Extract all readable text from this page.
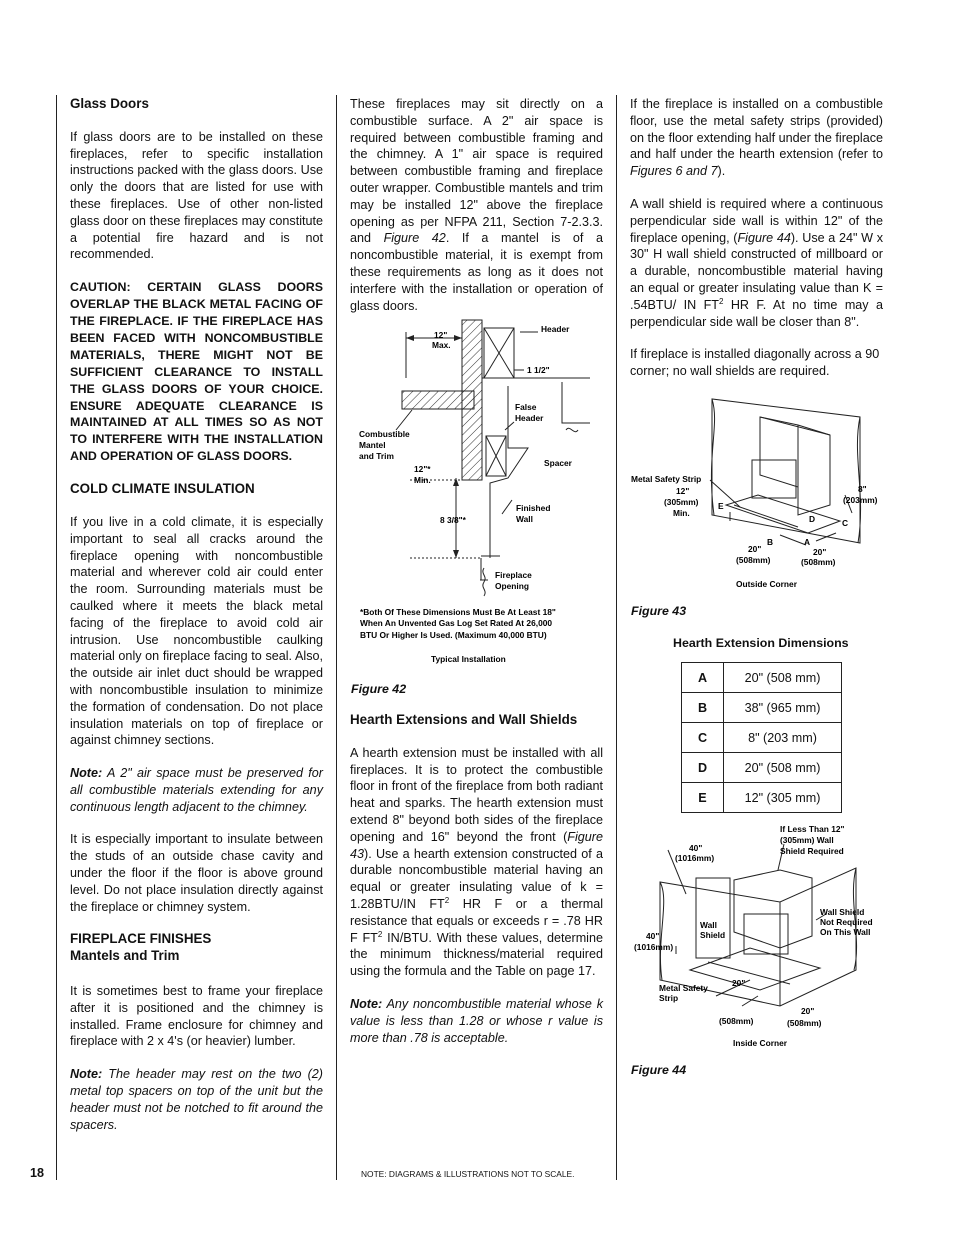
Glass Doors

If glass doors are to be installed on these fireplaces, refer to specific installation instructions packed with the glass doors. Use only the doors that are listed for use with these fireplaces. Use of other non-listed glass door on these fireplaces may constitute a potential fire hazard and is not recommended.

CAUTION: CERTAIN GLASS DOORS OVERLAP THE BLACK METAL FACING OF THE FIREPLACE. IF THE FIREPLACE HAS BEEN FACED WITH NONCOMBUSTIBLE MATERIALS, THERE MIGHT NOT BE SUFFICIENT CLEARANCE TO INSTALL THE GLASS DOORS OF YOUR CHOICE. ENSURE ADEQUATE CLEARANCE IS MAINTAINED AT ALL TIMES SO AS NOT TO INTERFERE WITH THE INSTALLATION AND OPERATION OF GLASS DOORS.
COLD CLIMATE INSULATION

If you live in a cold climate, it is especially important to seal all cracks around the fireplace opening with noncombustible material and wherever cold air could enter the room. Surrounding materials must be caulked where it meets the black metal facing of the fireplace to avoid cold air intrusion. Use noncombustible caulking material only on fireplace facing to seal. Also, the outside air inlet duct should be wrapped with noncombustible insulation to minimize the formation of condensation. Do not place insulation materials on top of fireplace or against chimney sections.

Note: A 2" air space must be preserved for all combustible materials extending for any continuous length adjacent to the chimney.

It is especially important to insulate between the studs of an outside chase cavity and under the floor if the floor is above ground level. Do not place insulation directly against the fireplace or chimney system.

FIREPLACE FINISHES
Mantels and Trim

It is sometimes best to frame your fireplace after it is positioned and the chimney is installed. Frame enclosure for chimney and fireplace with 2 x 4's (or heavier) lumber.

Note: The header may rest on the two (2) metal top spacers on top of the unit but the header must not be notched to fit around the spacers.

These fireplaces may sit directly on a combustible surface. A 2" air space is required between combustible framing and the chimney. A 1" air space is required between combustible framing and fireplace outer wrapper. Combustible mantels and trim may be installed 12" above the fireplace opening as per NFPA 211, Section 7-2.3.3. and Figure 42. If a mantel is of a noncombustible material, it is exempt from these requirements as long as it does not interfere with the installation or operation of glass doors.

12"
Max.
Header
1 1/2"
False
Header
Combustible
Mantel
and Trim
Spacer
12"*
Min.
8 3/8"*
Finished
Wall
Fireplace
Opening
*Both Of These Dimensions Must Be At Least 18"
When An Unvented Gas Log Set Rated At 26,000
BTU Or Higher Is Used. (Maximum 40,000 BTU)
Typical Installation
Figure 42
Hearth Extensions and Wall Shields

A hearth extension must be installed with all fireplaces. It is to protect the combustible floor in front of the fireplace from both radiant heat and sparks. The hearth extension must extend 8" beyond both sides of the fireplace opening and 16" beyond the front (Figure 43). Use a hearth extension constructed of a durable noncombustible material having an equal or greater insulating value of k = 1.28BTU/IN $FT^2$ HR F or a thermal resistance that equals or exceeds r = .78 HR F $FT^2$ IN/BTU. With these values, determine the minimum thickness/material required using the formula and the Table on page 17.

Note: Any noncombustible material whose k value is less than 1.28 or whose r value is more than .78 is acceptable.

If the fireplace is installed on a combustible floor, use the metal safety strips (provided) on the floor extending half under the fireplace and half under the hearth extension (refer to Figures 6 and 7).

A wall shield is required where a continuous perpendicular side wall is within 12" of the fireplace opening, (Figure 44). Use a 24" W x 30" H wall shield constructed of millboard or a durable, noncombustible material having an equal or greater insulating value than K = .54BTU/ IN $FT^2$ HR F. At no time may a perpendicular side wall be closer than 8".

If fireplace is installed diagonally across a 90 corner; no wall shields are required.

Metal Safety Strip
12"
(305mm)
Min.
E
D	C
B	A
8"
(203mm)
20"
(508mm)
20"
(508mm)
Outside Corner
Figure 43
Hearth Extension Dimensions
A	20" (508 mm)
B	38" (965 mm)
C	8" (203 mm)
D	20" (508 mm)
E	12" (305 mm)
40"
(1016mm)
If Less Than 12"
(305mm) Wall
Shield Required
Wall
Shield
Wall Shield
Not Required
On This Wall
40"
(1016mm)
Metal Safety
Strip
20"
(508mm)
20"
(508mm)
Inside Corner
Figure 44
18	NOTE: DIAGRAMS & ILLUSTRATIONS NOT TO SCALE.
